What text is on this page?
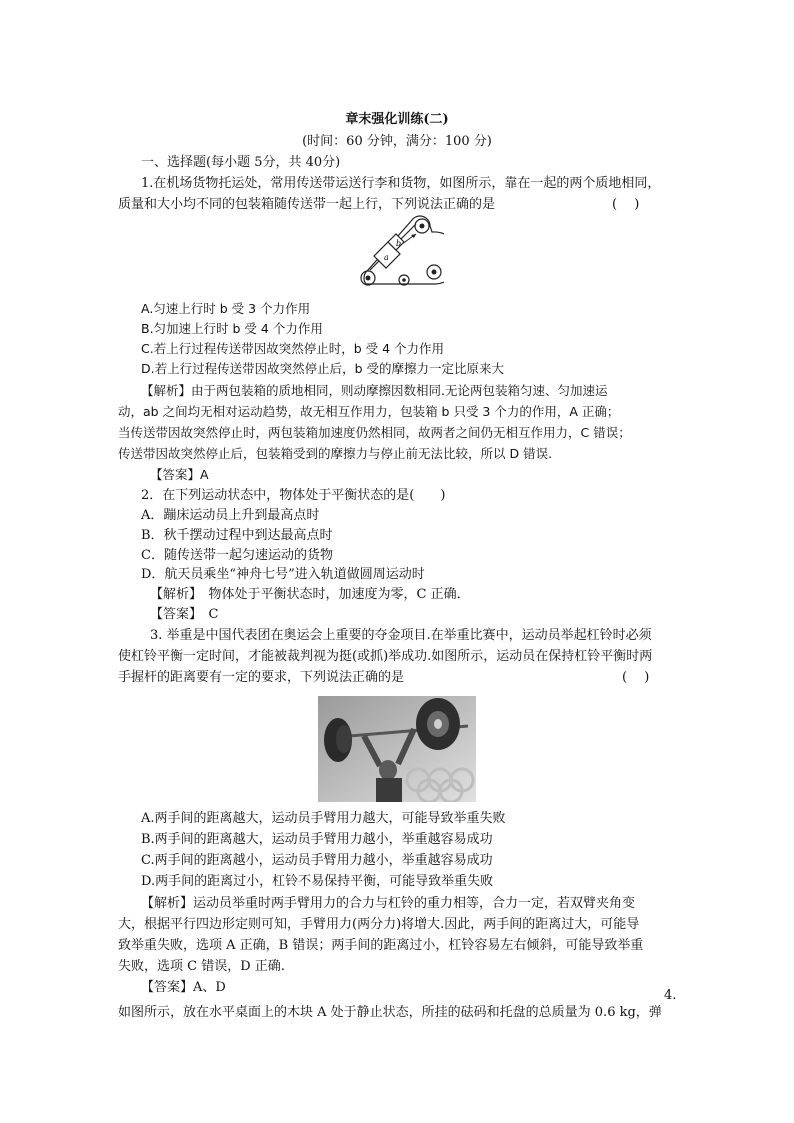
章末强化训练(二)
(时间：60 分钟，满分：100 分)
一、选择题(每小题 5分，共 40分)
1.在机场货物托运处，常用传送带运送行李和货物，如图所示，靠在一起的两个质地相同，
质量和大小均不同的包装箱随传送带一起上行，下列说法正确的是	(　 )
a
b
A.匀速上行时 b 受 3 个力作用
B.匀加速上行时 b 受 4 个力作用
C.若上行过程传送带因故突然停止时，b 受 4 个力作用
D.若上行过程传送带因故突然停止后，b 受的摩擦力一定比原来大
【解析】由于两包装箱的质地相同，则动摩擦因数相同.无论两包装箱匀速、匀加速运
动，ab 之间均无相对运动趋势，故无相互作用力，包装箱 b 只受 3 个力的作用，A 正确；
当传送带因故突然停止时，两包装箱加速度仍然相同，故两者之间仍无相互作用力，C 错误；
传送带因故突然停止后，包装箱受到的摩擦力与停止前无法比较，所以 D 错误.
【答案】A
2．在下列运动状态中，物体处于平衡状态的是(　　)
A．蹦床运动员上升到最高点时
B．秋千摆动过程中到达最高点时
C．随传送带一起匀速运动的货物
D．航天员乘坐“神舟七号”进入轨道做圆周运动时
【解析】　物体处于平衡状态时，加速度为零，C 正确．
【答案】　C
3. 举重是中国代表团在奥运会上重要的夺金项目.在举重比赛中，运动员举起杠铃时必须
使杠铃平衡一定时间，才能被裁判视为挺(或抓)举成功.如图所示，运动员在保持杠铃平衡时两
手握杆的距离要有一定的要求，下列说法正确的是	(　 )
A.两手间的距离越大，运动员手臂用力越大，可能导致举重失败
B.两手间的距离越大，运动员手臂用力越小，举重越容易成功
C.两手间的距离越小，运动员手臂用力越小，举重越容易成功
D.两手间的距离过小，杠铃不易保持平衡，可能导致举重失败
【解析】运动员举重时两手臂用力的合力与杠铃的重力相等，合力一定，若双臂夹角变
大，根据平行四边形定则可知，手臂用力(两分力)将增大.因此，两手间的距离过大，可能导
致举重失败，选项 A 正确，B 错误；两手间的距离过小，杠铃容易左右倾斜，可能导致举重
失败，选项 C 错误，D 正确.
【答案】A、D
4.
如图所示，放在水平桌面上的木块 A 处于静止状态，所挂的砝码和托盘的总质量为 0.6 kg，弹
